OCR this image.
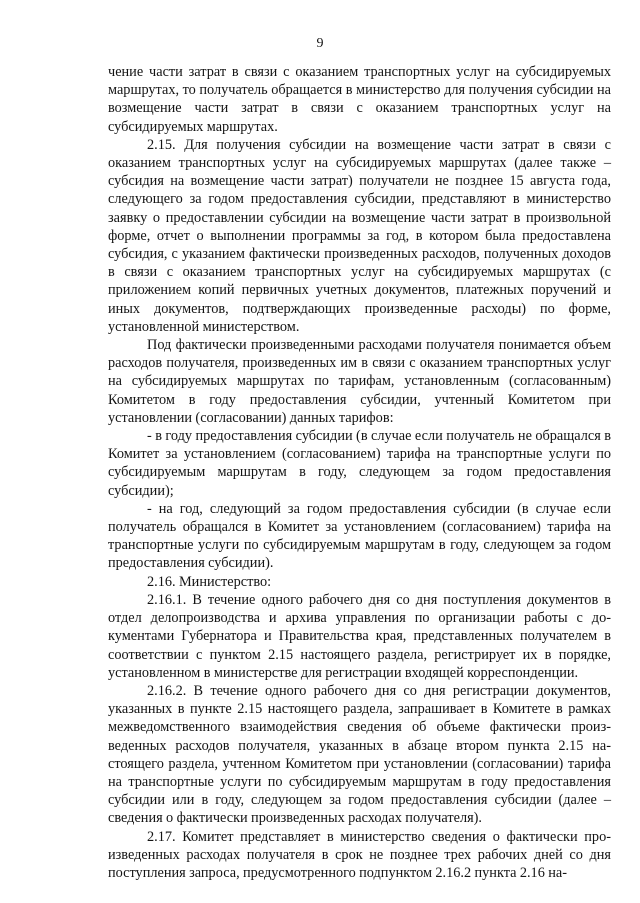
9

чение части затрат в связи с оказанием транспортных услуг на субсидируемых маршрутах, то получатель обращается в министерство для получения субсидии на возмещение части затрат в связи с оказанием транспортных услуг на субсидируемых маршрутах.

2.15. Для получения субсидии на возмещение части затрат в связи с оказанием транспортных услуг на субсидируемых маршрутах (далее также – субсидия на возмещение части затрат) получатели не позднее 15 августа года, следующего за годом предоставления субсидии, представляют в министерство заявку о предоставлении субсидии на возмещение части затрат в произвольной форме, отчет о выполнении программы за год, в котором была предоставлена субсидия, с указанием фактически произведенных расходов, полученных доходов в связи с оказанием транспортных услуг на субсидируемых маршрутах (с приложением копий первичных учетных документов, платежных поручений и иных документов, подтверждающих произведенные расходы) по форме, установленной министерством.

Под фактически произведенными расходами получателя понимается объем расходов получателя, произведенных им в связи с оказанием транспортных услуг на субсидируемых маршрутах по тарифам, установленным (согласованным) Комитетом в году предоставления субсидии, учтенный Комитетом при установлении (согласовании) данных тарифов:

- в году предоставления субсидии (в случае если получатель не обращался в Комитет за установлением (согласованием) тарифа на транспортные услуги по субсидируемым маршрутам в году, следующем за годом предоставления субсидии);

- на год, следующий за годом предоставления субсидии (в случае если получатель обращался в Комитет за установлением (согласованием) тарифа на транспортные услуги по субсидируемым маршрутам в году, следующем за годом предоставления субсидии).

2.16. Министерство:

2.16.1. В течение одного рабочего дня со дня поступления документов в отдел делопроизводства и архива управления по организации работы с документами Губернатора и Правительства края, представленных получателем в соответствии с пунктом 2.15 настоящего раздела, регистрирует их в порядке, установленном в министерстве для регистрации входящей корреспонденции.

2.16.2. В течение одного рабочего дня со дня регистрации документов, указанных в пункте 2.15 настоящего раздела, запрашивает в Комитете в рамках межведомственного взаимодействия сведения об объеме фактически произведенных расходов получателя, указанных в абзаце втором пункта 2.15 настоящего раздела, учтенном Комитетом при установлении (согласовании) тарифа на транспортные услуги по субсидируемым маршрутам в году предоставления субсидии или в году, следующем за годом предоставления субсидии (далее – сведения о фактически произведенных расходах получателя).

2.17. Комитет представляет в министерство сведения о фактически произведенных расходах получателя в срок не позднее трех рабочих дней со дня поступления запроса, предусмотренного подпунктом 2.16.2 пункта 2.16 на-
